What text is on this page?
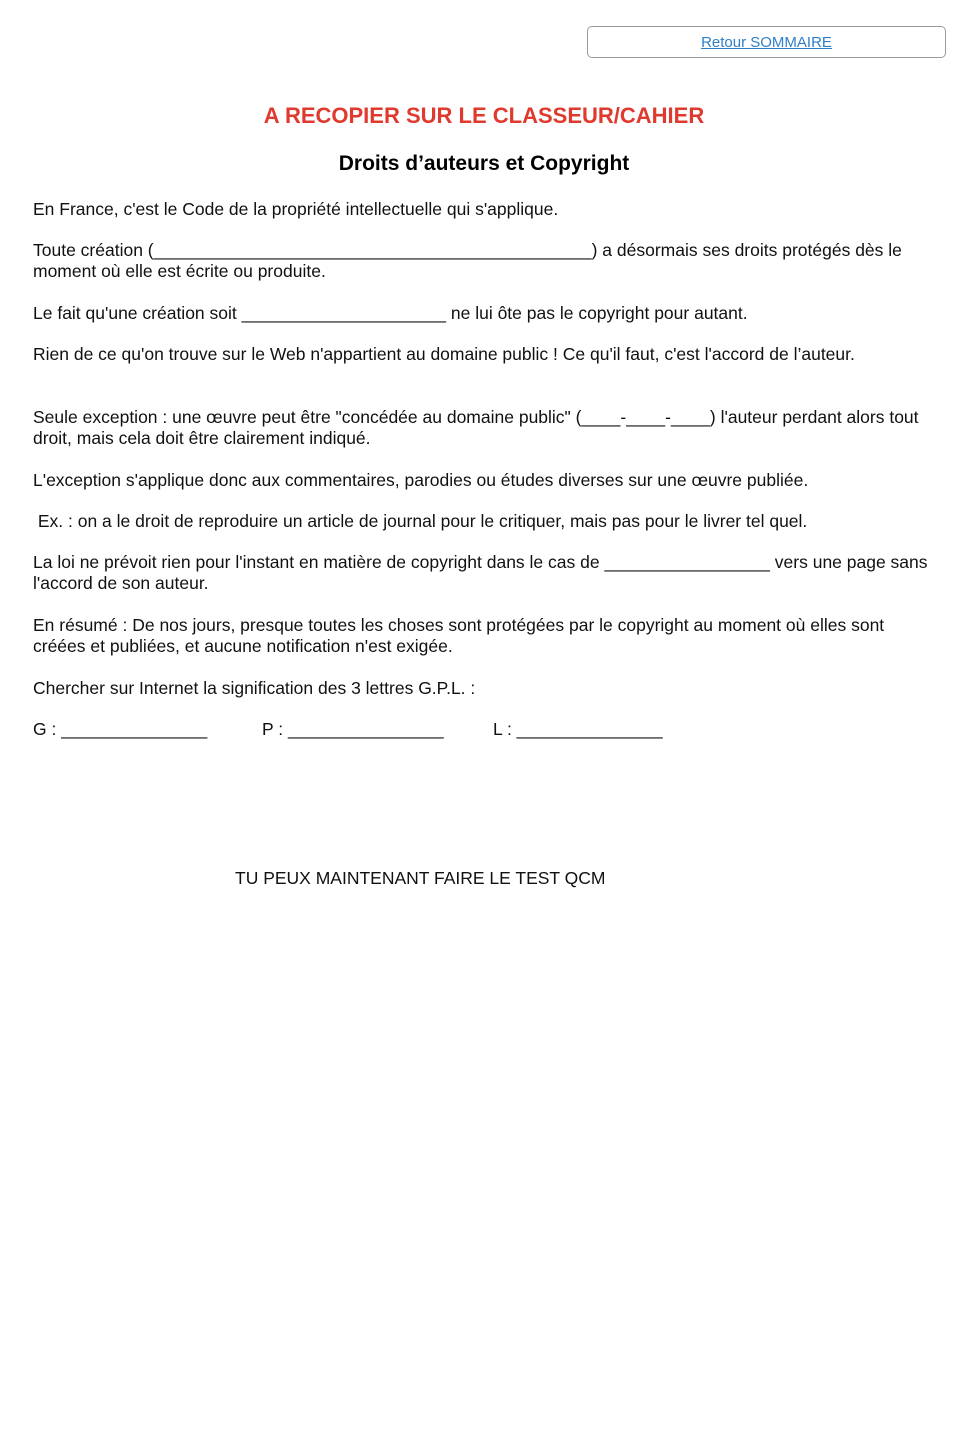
Retour SOMMAIRE
A RECOPIER SUR LE CLASSEUR/CAHIER
Droits d’auteurs et Copyright

En France, c'est le Code de la propriété intellectuelle qui s'applique.

Toute création (_____________________________________________) a désormais ses droits protégés dès le moment où elle est écrite ou produite.

Le fait qu'une création soit _____________________ ne lui ôte pas le copyright pour autant.

Rien de ce qu'on trouve sur le Web n'appartient au domaine public ! Ce qu'il faut, c'est l'accord de l’auteur.

Seule exception : une œuvre peut être "concédée au domaine public" (____-____-____) l'auteur perdant alors tout droit, mais cela doit être clairement indiqué.

L'exception s'applique donc aux commentaires, parodies ou études diverses sur une œuvre publiée.

Ex. : on a le droit de reproduire un article de journal pour le critiquer, mais pas pour le livrer tel quel.

La loi ne prévoit rien pour l'instant en matière de copyright dans le cas de _________________ vers une page sans l'accord de son auteur.

En résumé : De nos jours, presque toutes les choses sont protégées par le copyright au moment où elles sont créées et publiées, et aucune notification n'est exigée.

Chercher sur Internet la signification des 3 lettres G.P.L. :

G : _______________	P : ________________	L : _______________

TU PEUX MAINTENANT FAIRE LE TEST QCM
